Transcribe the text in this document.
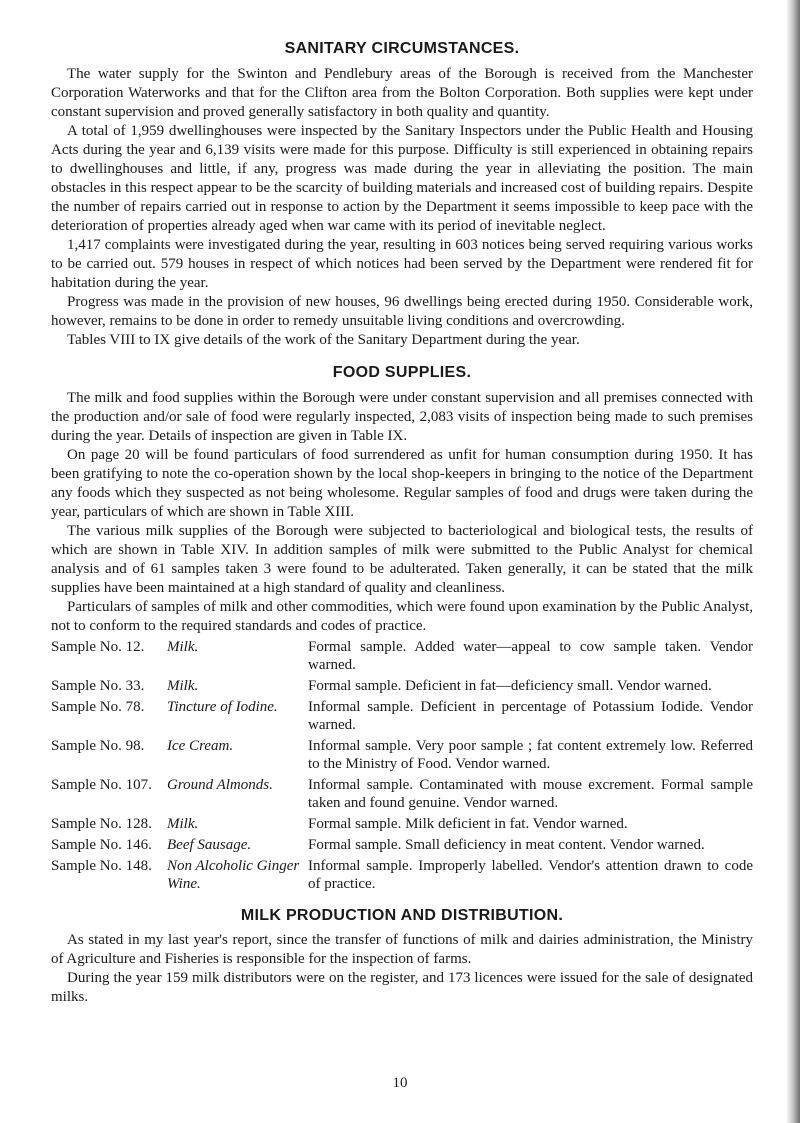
SANITARY CIRCUMSTANCES.

The water supply for the Swinton and Pendlebury areas of the Borough is received from the Manchester Corporation Waterworks and that for the Clifton area from the Bolton Corporation. Both supplies were kept under constant supervision and proved generally satisfactory in both quality and quantity.

A total of 1,959 dwellinghouses were inspected by the Sanitary Inspectors under the Public Health and Housing Acts during the year and 6,139 visits were made for this purpose. Difficulty is still experienced in obtaining repairs to dwellinghouses and little, if any, progress was made during the year in alleviating the position. The main obstacles in this respect appear to be the scarcity of building materials and increased cost of building repairs. Despite the number of repairs carried out in response to action by the Department it seems impossible to keep pace with the deterioration of properties already aged when war came with its period of inevitable neglect.

1,417 complaints were investigated during the year, resulting in 603 notices being served requiring various works to be carried out. 579 houses in respect of which notices had been served by the Department were rendered fit for habitation during the year.

Progress was made in the provision of new houses, 96 dwellings being erected during 1950. Considerable work, however, remains to be done in order to remedy unsuitable living conditions and overcrowding.

Tables VIII to IX give details of the work of the Sanitary Department during the year.

FOOD SUPPLIES.

The milk and food supplies within the Borough were under constant supervision and all premises connected with the production and/or sale of food were regularly inspected, 2,083 visits of inspection being made to such premises during the year. Details of inspection are given in Table IX.

On page 20 will be found particulars of food surrendered as unfit for human consumption during 1950. It has been gratifying to note the co-operation shown by the local shop-keepers in bringing to the notice of the Department any foods which they suspected as not being wholesome. Regular samples of food and drugs were taken during the year, particulars of which are shown in Table XIII.

The various milk supplies of the Borough were subjected to bacteriological and biological tests, the results of which are shown in Table XIV. In addition samples of milk were submitted to the Public Analyst for chemical analysis and of 61 samples taken 3 were found to be adulterated. Taken generally, it can be stated that the milk supplies have been maintained at a high standard of quality and cleanliness.

Particulars of samples of milk and other commodities, which were found upon examination by the Public Analyst, not to conform to the required standards and codes of practice.

Sample No. 12.	Milk.	Formal sample. Added water—appeal to cow sample taken. Vendor warned.
Sample No. 33.	Milk.	Formal sample. Deficient in fat—deficiency small. Vendor warned.
Sample No. 78.	Tincture of Iodine.	Informal sample. Deficient in percentage of Potassium Iodide. Vendor warned.
Sample No. 98.	Ice Cream.	Informal sample. Very poor sample ; fat content extremely low. Referred to the Ministry of Food. Vendor warned.
Sample No. 107.	Ground Almonds.	Informal sample. Contaminated with mouse excrement. Formal sample taken and found genuine. Vendor warned.
Sample No. 128.	Milk.	Formal sample. Milk deficient in fat. Vendor warned.
Sample No. 146.	Beef Sausage.	Formal sample. Small deficiency in meat content. Vendor warned.
Sample No. 148.	Non Alcoholic Ginger Wine.	Informal sample. Improperly labelled. Vendor's attention drawn to code of practice.
MILK PRODUCTION AND DISTRIBUTION.

As stated in my last year's report, since the transfer of functions of milk and dairies administration, the Ministry of Agriculture and Fisheries is responsible for the inspection of farms.

During the year 159 milk distributors were on the register, and 173 licences were issued for the sale of designated milks.

10
